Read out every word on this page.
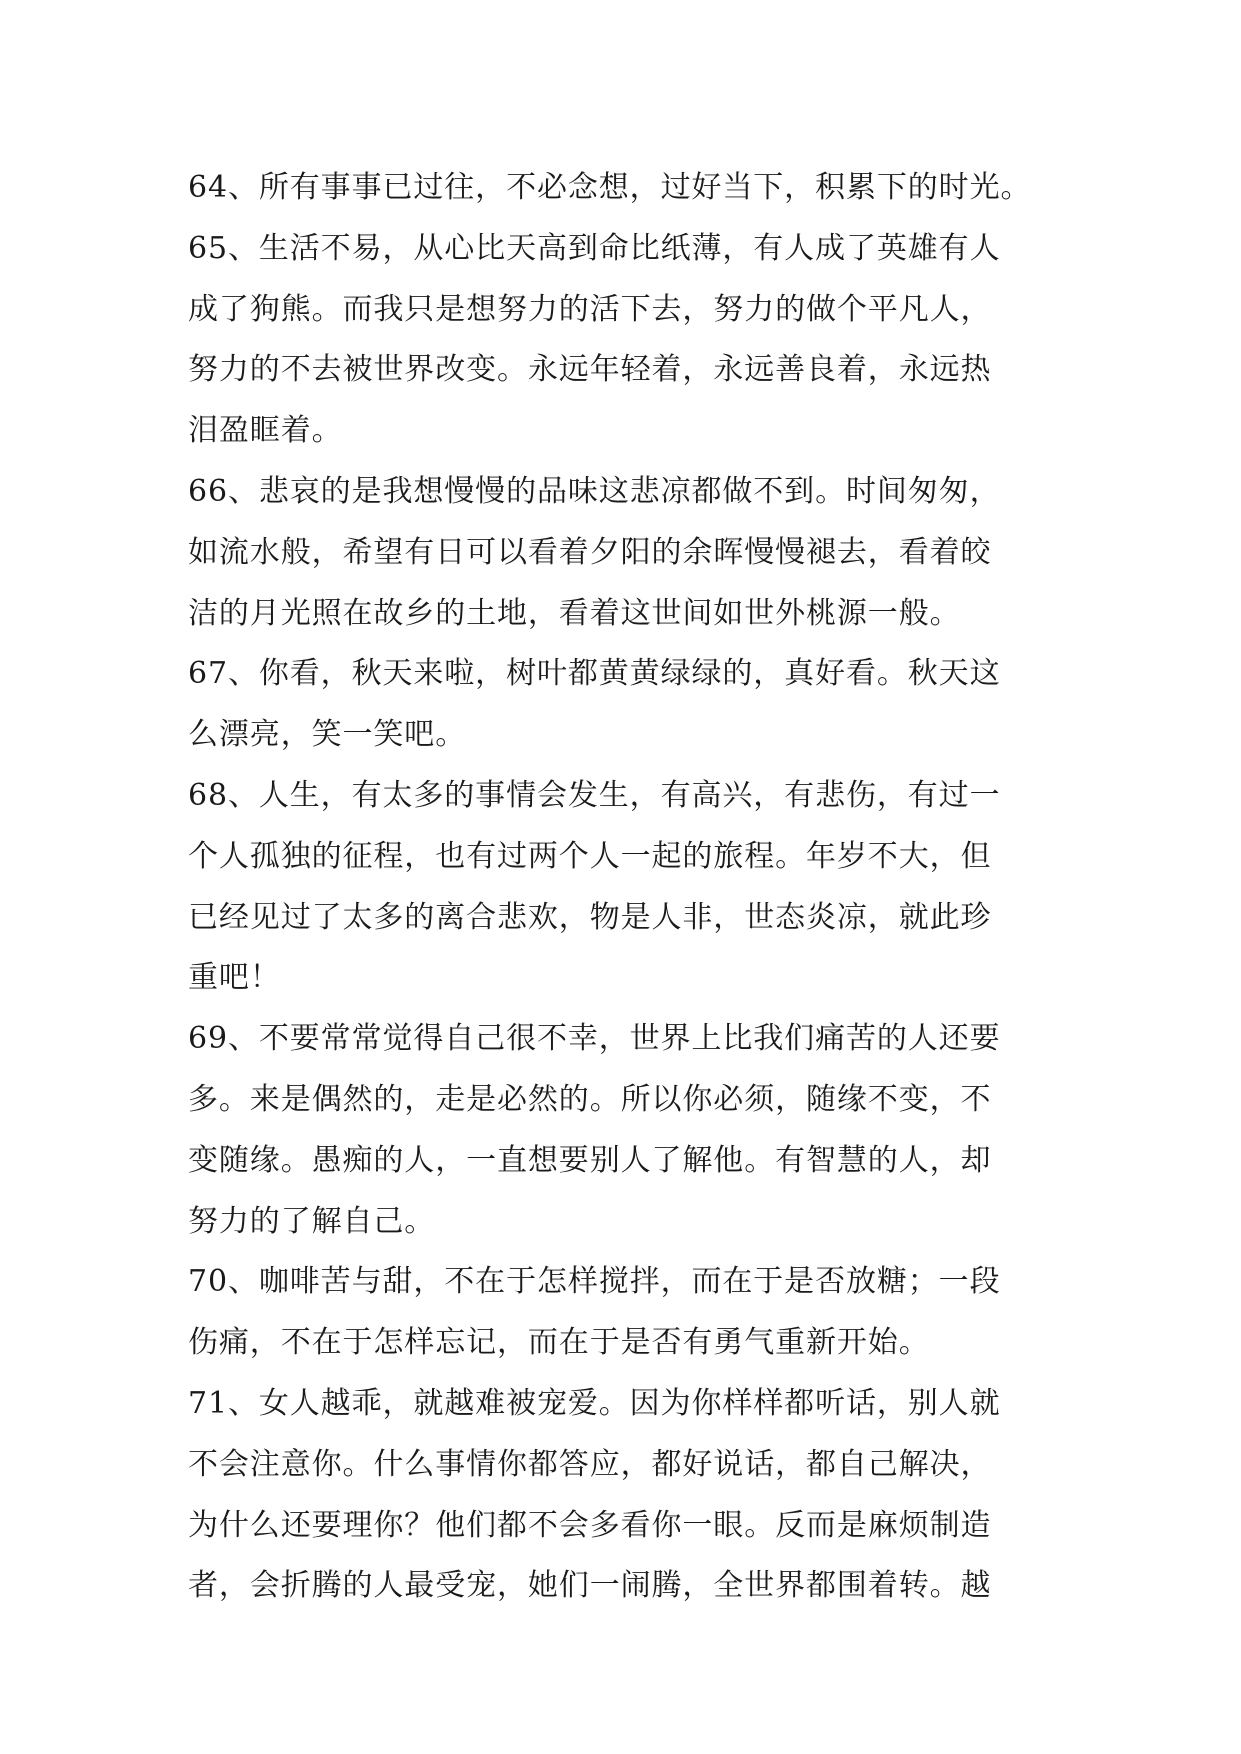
64、所有事事已过往，不必念想，过好当下，积累下的时光。
65、生活不易，从心比天高到命比纸薄，有人成了英雄有人
成了狗熊。而我只是想努力的活下去，努力的做个平凡人，
努力的不去被世界改变。永远年轻着，永远善良着，永远热
泪盈眶着。
66、悲哀的是我想慢慢的品味这悲凉都做不到。时间匆匆，
如流水般，希望有日可以看着夕阳的余晖慢慢褪去，看着皎
洁的月光照在故乡的土地，看着这世间如世外桃源一般。
67、你看，秋天来啦，树叶都黄黄绿绿的，真好看。秋天这
么漂亮，笑一笑吧。
68、人生，有太多的事情会发生，有高兴，有悲伤，有过一
个人孤独的征程，也有过两个人一起的旅程。年岁不大，但
已经见过了太多的离合悲欢，物是人非，世态炎凉，就此珍
重吧！
69、不要常常觉得自己很不幸，世界上比我们痛苦的人还要
多。来是偶然的，走是必然的。所以你必须，随缘不变，不
变随缘。愚痴的人，一直想要别人了解他。有智慧的人，却
努力的了解自己。
70、咖啡苦与甜，不在于怎样搅拌，而在于是否放糖；一段
伤痛，不在于怎样忘记，而在于是否有勇气重新开始。
71、女人越乖，就越难被宠爱。因为你样样都听话，别人就
不会注意你。什么事情你都答应，都好说话，都自己解决，
为什么还要理你？他们都不会多看你一眼。反而是麻烦制造
者，会折腾的人最受宠，她们一闹腾，全世界都围着转。越
